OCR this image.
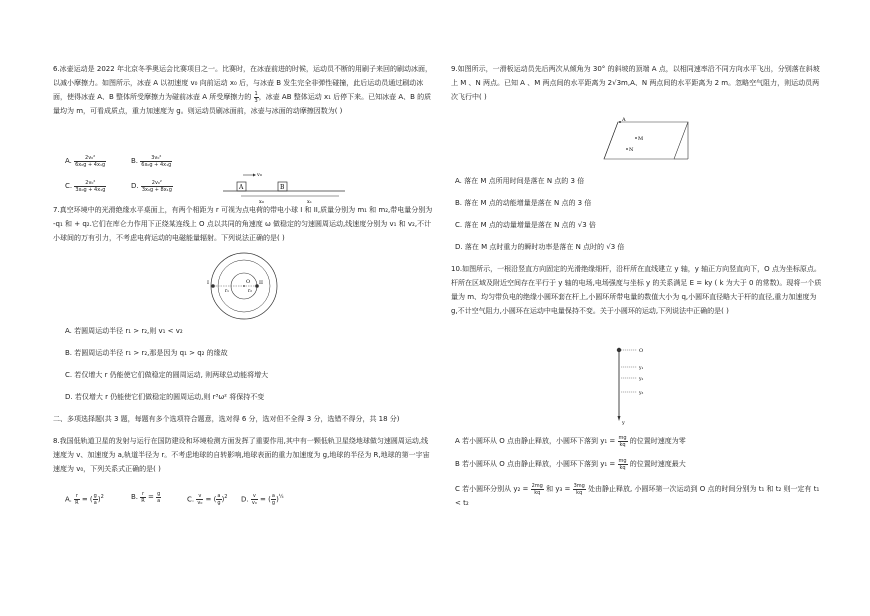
6.冰壶运动是 2022 年北京冬季奥运会比赛项目之一。比赛时，在冰壶前进的时候，运动员不断的用刷子来回的刷动冰面，以减小摩擦力。如图所示，冰壶 A 以初速度 v₀ 向前运动 x₀ 后，与冰壶 B 发生完全非弹性碰撞，此后运动员通过刷动冰面，使得冰壶 A、B 整体所受摩擦力为碰前冰壶 A 所受摩擦力的 $\frac{1}{3}$ ，冰壶 AB 整体运动 x₁ 后停下来。已知冰壶 A、B 的质量均为 m，可看成质点，重力加速度为 g。则运动员刷冰面前，冰壶与冰面的动摩擦因数为( )

A. $\frac{\text{2v₀²}}{\text{6x₀g + 4x₁g}}$	B. $\frac{\text{3v₀²}}{\text{6x₀g + 4x₁g}}$
C. $\frac{\text{2v₀²}}{\text{3x₀g + 4x₁g}}$	D. $\frac{\text{2v₀²}}{\text{3x₀g + 8x₁g}}$	A	B
v₀
x₀	x₁

7.真空环境中的光滑绝缘水平桌面上，有两个相距为 r 可视为点电荷的带电小球 I 和 II,质量分别为 m₁ 和 m₂,带电量分别为 -q₁ 和 + q₂.它们在库仑力作用下正绕某连线上 O 点以共同的角速度 ω 做稳定的匀速圆周运动,线速度分别为 v₁ 和 v₂,不计小球间的万有引力，不考虑电荷运动的电磁能量辐射。下列说法正确的是( )

O
I	II
r₁	r₂
A. 若圆周运动半径 r₁ > r₂,则 v₁ < v₂
B. 若圆周运动半径 r₁ > r₂,那是因为 q₁ > q₂ 的缘故
C. 若仅增大 r 仍能使它们做稳定的圆周运动, 则两球总动能将增大
D. 若仅增大 r 仍能使它们做稳定的圆周运动,则 r³ω² 将保持不变
二、多项选择题(共 3 题，每题有多个选项符合题意，选对得 6 分，选对但不全得 3 分，选错不得分，共 18 分)

8.我国低轨道卫星的发射与运行在国防建设和环境检测方面发挥了重要作用,其中有一颗低轨卫星绕地球做匀速圆周运动,线速度为 v、加速度为 a,轨道半径为 r。不考虑地球的自转影响,地球表面的重力加速度为 g,地球的半径为 R,地球的第一宇宙速度为 v₀，下列关系式正确的是( )

A. $\frac{r}{R}$ = ( $\frac{g}{a} )^2$	B. $\frac{r}{R} = \frac{g}{a}$	C. $\frac{v}{\text{v₀}}$ = ( $\frac{a}{g} )^2$ D. $\frac{v}{\text{v₀}}$ = ( $\frac{a}{g} )^{\frac{1}{4}}$

9.如图所示，一滑板运动员先后两次从倾角为 30° 的斜坡的顶端 A 点，以相同速率沿不同方向水平飞出，分别落在斜坡上 M 、N 两点。已知 A 、M 两点间的水平距离为 2√3m,A、N 两点间的水平距离为 2 m。忽略空气阻力，则运动员两次飞行中( )

A
M
N
A. 落在 M 点所用时间是落在 N 点的 3 倍
B. 落在 M 点的动能增量是落在 N 点的 3 倍
C. 落在 M 点的动量增量是落在 N 点的 √3 倍
D. 落在 M 点时重力的瞬时功率是落在 N 点时的 √3 倍

10.如图所示，一根沿竖直方向固定的光滑绝缘细杆，沿杆所在直线建立 y 轴，y 轴正方向竖直向下，O 点为坐标原点。杆所在区域及附近空间存在平行于 y 轴的电场,电场强度与坐标 y 的关系满足 E = ky ( k 为大于 0 的常数)。现将一个质量为 m、均匀带负电的绝缘小圆环套在杆上,小圆环所带电量的数值大小为 q,小圆环直径略大于杆的直径,重力加速度为 g,不计空气阻力,小圆环在运动中电量保持不变。关于小圆环的运动,下列说法中正确的是( )

O
y₁
y₂
y₃
y
A 若小圆环从 O 点由静止释放，小圆环下落到 $y_1 = \frac{mg}{kq}$ 的位置时速度为零
B 若小圆环从 O 点由静止释放，小圆环下落到 $y_1 = \frac{mg}{kq}$ 的位置时速度最大
C 若小圆环分别从 $y_2 = \frac{2mg}{kq}$ 和 $y_3 = \frac{3mg}{kq}$ 处由静止释放, 小圆环第一次运动到 O 点的时间分别为 t₁ 和 t₂ 则一定有 t₁ < t₂
